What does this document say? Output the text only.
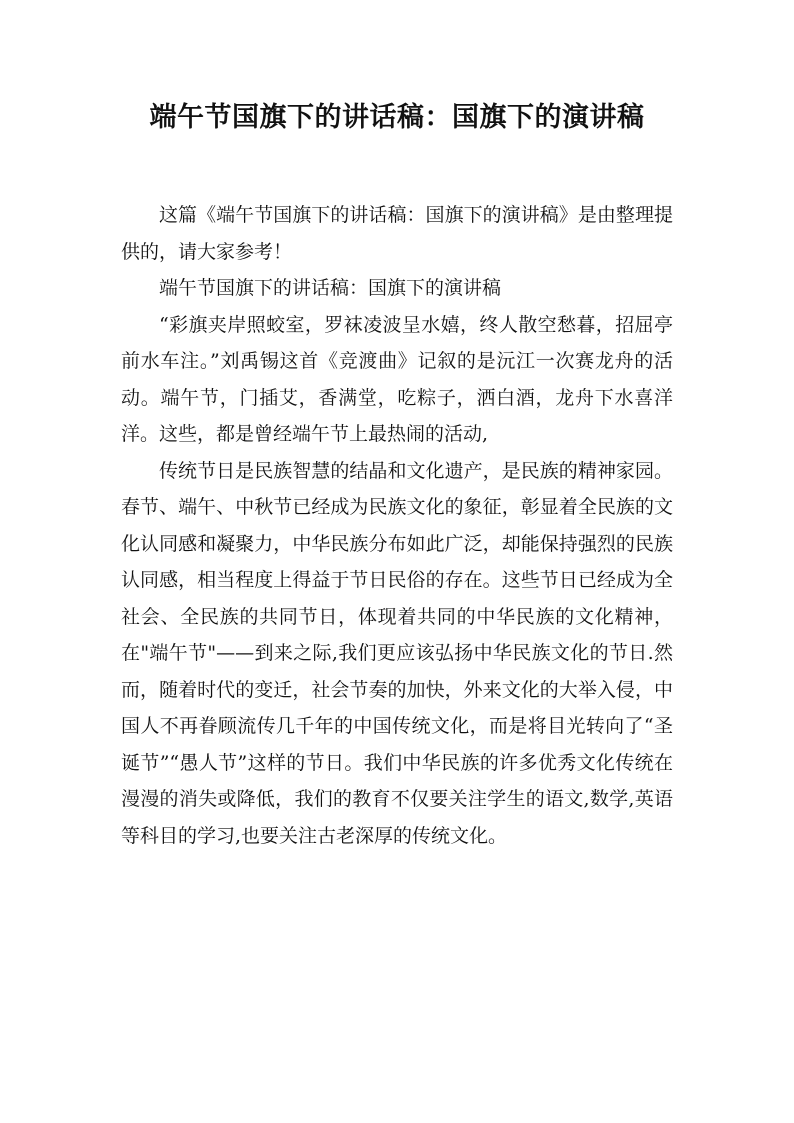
端午节国旗下的讲话稿：国旗下的演讲稿

这篇《端午节国旗下的讲话稿：国旗下的演讲稿》是由整理提供的，请大家参考！

端午节国旗下的讲话稿：国旗下的演讲稿

“彩旗夹岸照蛟室，罗袜凌波呈水嬉，终人散空愁暮，招屈亭前水车注。”刘禹锡这首《竞渡曲》记叙的是沅江一次赛龙舟的活动。端午节，门插艾，香满堂，吃粽子，洒白酒，龙舟下水喜洋洋。这些，都是曾经端午节上最热闹的活动,

传统节日是民族智慧的结晶和文化遗产，是民族的精神家园。春节、端午、中秋节已经成为民族文化的象征，彰显着全民族的文化认同感和凝聚力，中华民族分布如此广泛，却能保持强烈的民族认同感，相当程度上得益于节日民俗的存在。这些节日已经成为全社会、全民族的共同节日，体现着共同的中华民族的文化精神，在"端午节"——到来之际,我们更应该弘扬中华民族文化的节日.然而，随着时代的变迁，社会节奏的加快，外来文化的大举入侵，中国人不再眷顾流传几千年的中国传统文化，而是将目光转向了“圣诞节”“愚人节”这样的节日。我们中华民族的许多优秀文化传统在漫漫的消失或降低，我们的教育不仅要关注学生的语文,数学,英语等科目的学习,也要关注古老深厚的传统文化。
